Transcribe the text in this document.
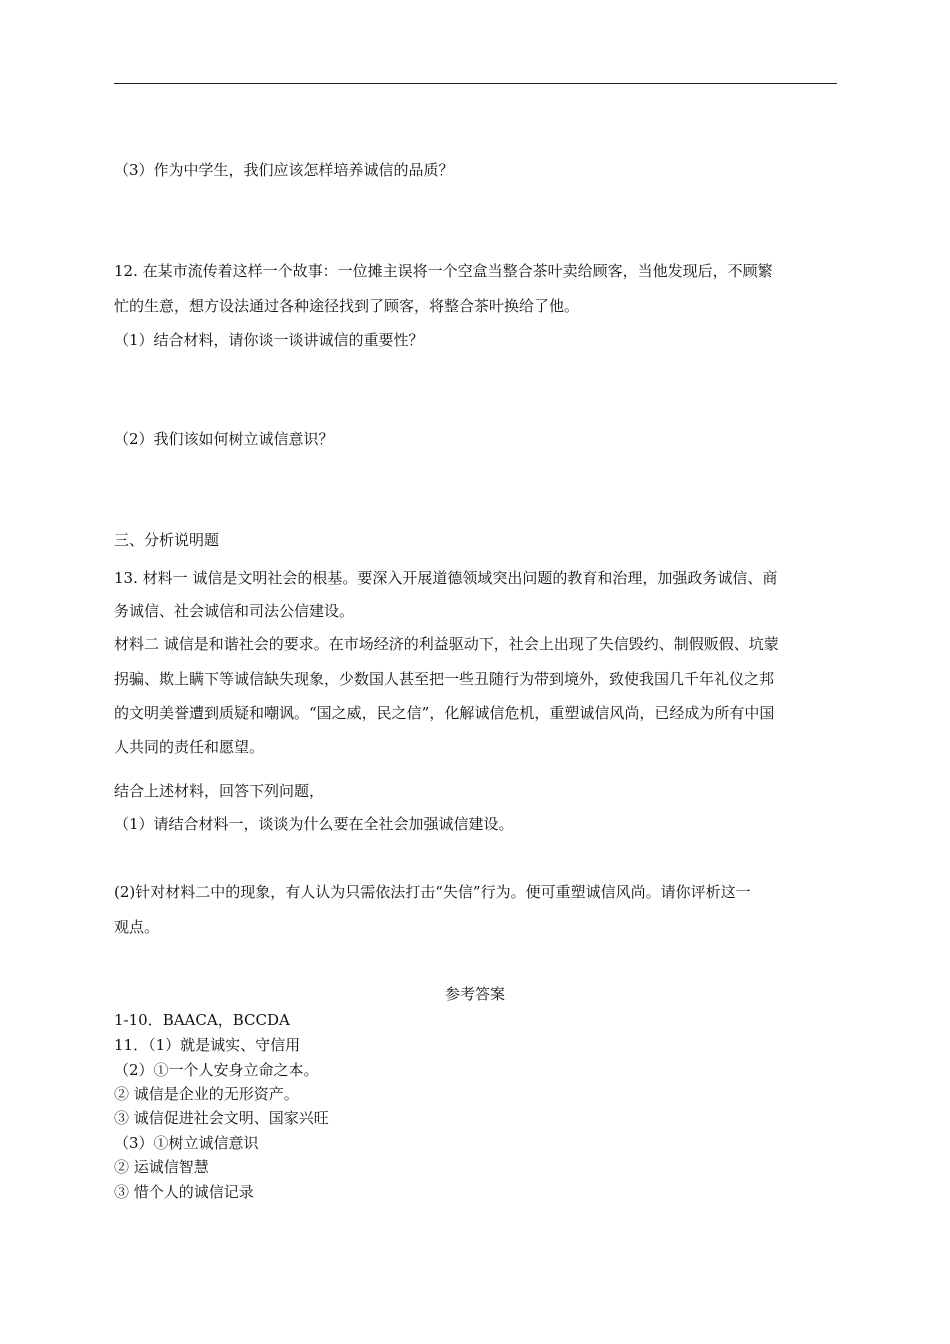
（3）作为中学生，我们应该怎样培养诚信的品质？
12. 在某市流传着这样一个故事：一位摊主误将一个空盒当整合茶叶卖给顾客，当他发现后，不顾繁
忙的生意，想方设法通过各种途径找到了顾客，将整合茶叶换给了他。
（1）结合材料，请你谈一谈讲诚信的重要性？
（2）我们该如何树立诚信意识？
三、分析说明题
13. 材料一 诚信是文明社会的根基。要深入开展道德领域突出问题的教育和治理，加强政务诚信、商
务诚信、社会诚信和司法公信建设。
材料二 诚信是和谐社会的要求。在市场经济的利益驱动下，社会上出现了失信毁约、制假贩假、坑蒙
拐骗、欺上瞒下等诚信缺失现象，少数国人甚至把一些丑随行为带到境外，致使我国几千年礼仪之邦
的文明美誉遭到质疑和嘲讽。“国之威，民之信”，化解诚信危机，重塑诚信风尚，已经成为所有中国
人共同的责任和愿望。
结合上述材料，回答下列问题，
（1）请结合材料一，谈谈为什么要在全社会加强诚信建设。
(2)针对材料二中的现象，有人认为只需依法打击“失信”行为。便可重塑诚信风尚。请你评析这一
观点。
参考答案
1-10．BAACA，BCCDA
11．（1）就是诚实、守信用
（2）①一个人安身立命之本。
② 诚信是企业的无形资产。
③ 诚信促进社会文明、国家兴旺
（3）①树立诚信意识
② 运诚信智慧
③ 惜个人的诚信记录
